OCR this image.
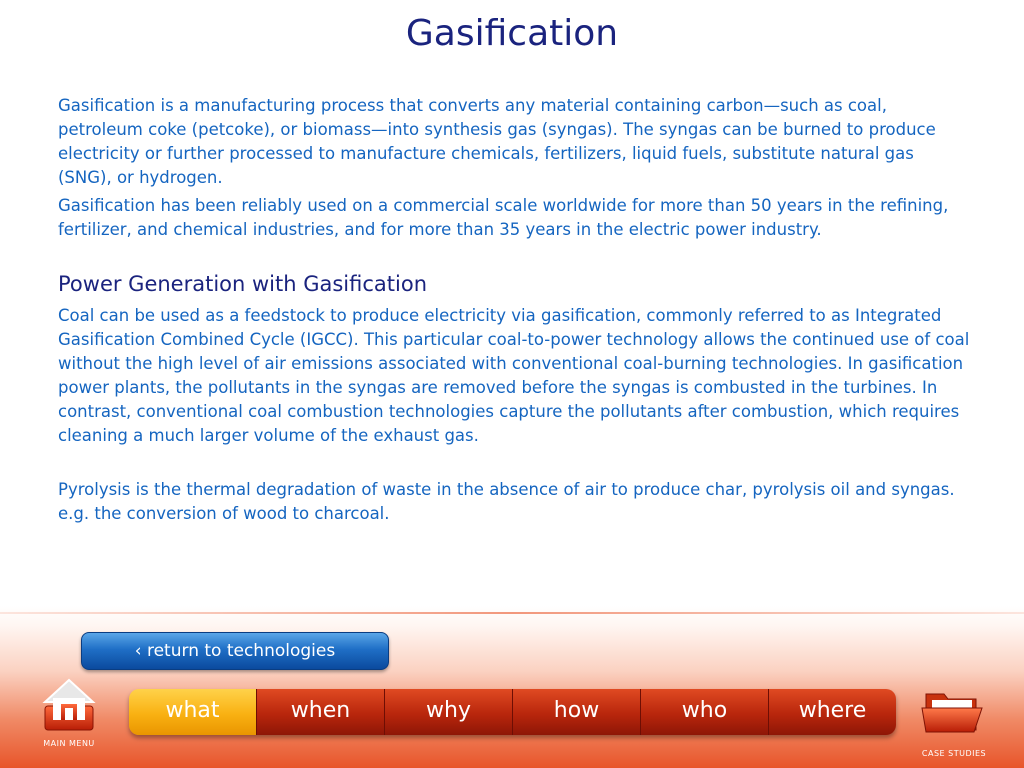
Gasification

Gasification is a manufacturing process that converts any material containing carbon—such as coal, petroleum coke (petcoke), or biomass—into synthesis gas (syngas). The syngas can be burned to produce electricity or further processed to manufacture chemicals, fertilizers, liquid fuels, substitute natural gas (SNG), or hydrogen.

Gasification has been reliably used on a commercial scale worldwide for more than 50 years in the refining, fertilizer, and chemical industries, and for more than 35 years in the electric power industry.

Power Generation with Gasification

Coal can be used as a feedstock to produce electricity via gasification, commonly referred to as Integrated Gasification Combined Cycle (IGCC). This particular coal-to-power technology allows the continued use of coal without the high level of air emissions associated with conventional coal-burning technologies. In gasification power plants, the pollutants in the syngas are removed before the syngas is combusted in the turbines. In contrast, conventional coal combustion technologies capture the pollutants after combustion, which requires cleaning a much larger volume of the exhaust gas.

Pyrolysis is the thermal degradation of waste in the absence of air to produce char, pyrolysis oil and syngas. e.g. the conversion of wood to charcoal.

‹ return to technologies
what	when	why	how	who	where
MAIN MENU
CASE STUDIES
